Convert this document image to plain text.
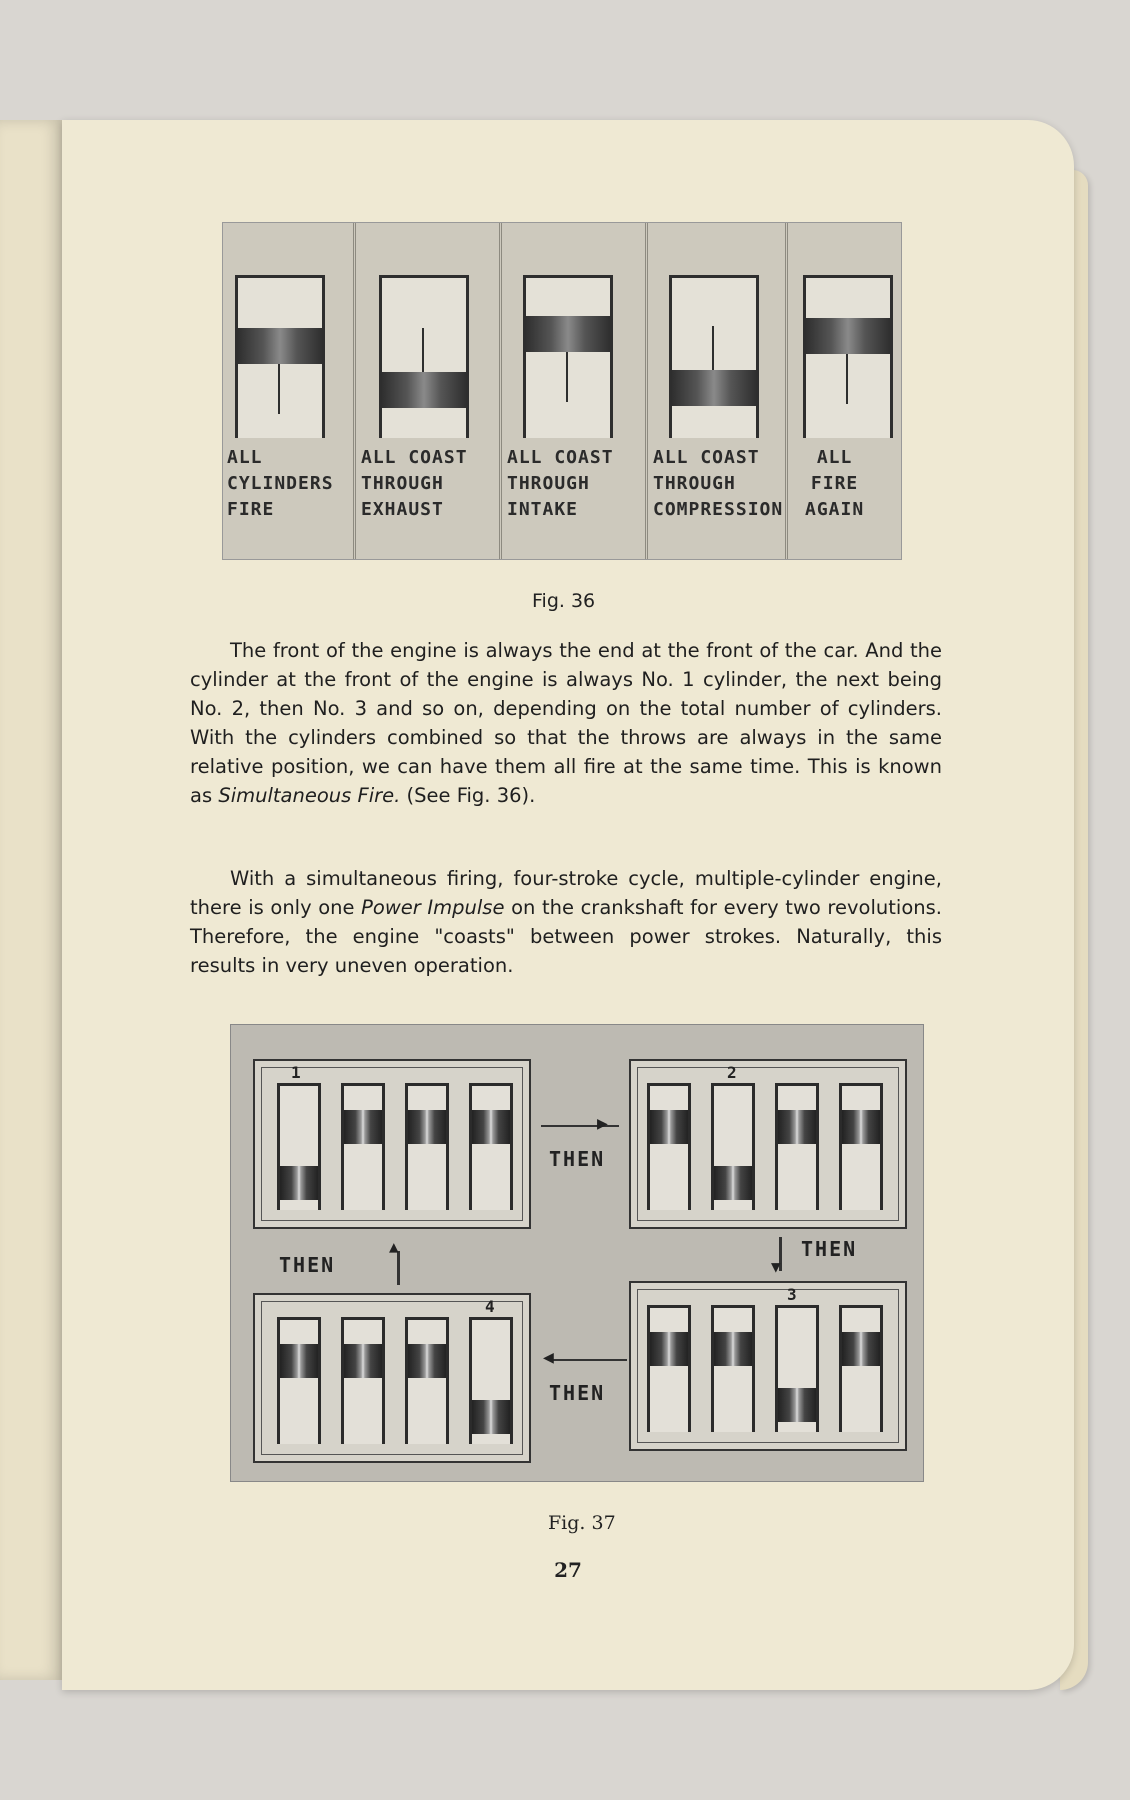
ALL
CYLINDERS
FIRE
ALL COAST
THROUGH
EXHAUST
ALL COAST
THROUGH
INTAKE
ALL COAST
THROUGH
COMPRESSION
ALL
FIRE
AGAIN
Fig. 36

The front of the engine is always the end at the front of the car. And the cylinder at the front of the engine is always No. 1 cylinder, the next being No. 2, then No. 3 and so on, depending on the total number of cylinders. With the cylinders combined so that the throws are always in the same relative position, we can have them all fire at the same time. This is known as Simultaneous Fire. (See Fig. 36).

With a simultaneous firing, four-stroke cycle, multiple-cylinder engine, there is only one Power Impulse on the crankshaft for every two revolutions. Therefore, the engine "coasts" between power strokes. Naturally, this results in very uneven operation.

1	2
4
3
▶
THEN
▼
THEN
◀
THEN
▲
THEN
Fig. 37
27
